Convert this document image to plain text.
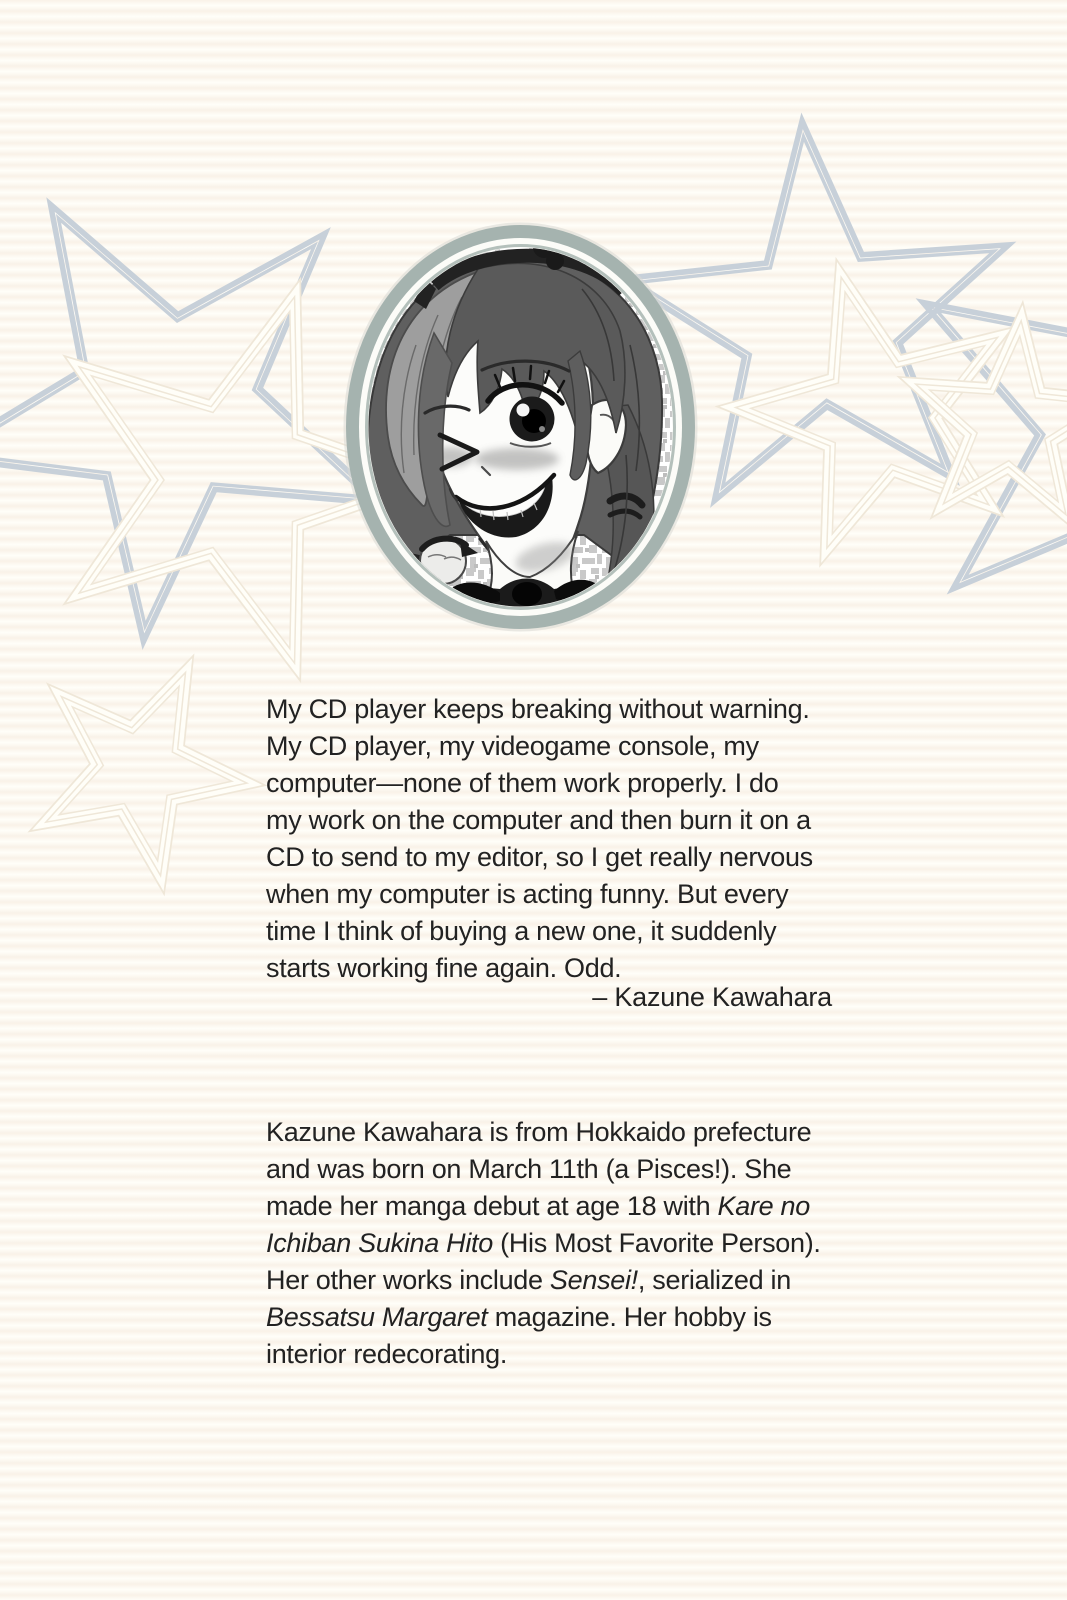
My CD player keeps breaking without warning.
My CD player, my videogame console, my
computer—none of them work properly. I do
my work on the computer and then burn it on a
CD to send to my editor, so I get really nervous
when my computer is acting funny. But every
time I think of buying a new one, it suddenly
starts working fine again. Odd.
– Kazune Kawahara
Kazune Kawahara is from Hokkaido prefecture
and was born on March 11th (a Pisces!). She
made her manga debut at age 18 with Kare no
Ichiban Sukina Hito (His Most Favorite Person).
Her other works include Sensei!, serialized in
Bessatsu Margaret magazine. Her hobby is
interior redecorating.
